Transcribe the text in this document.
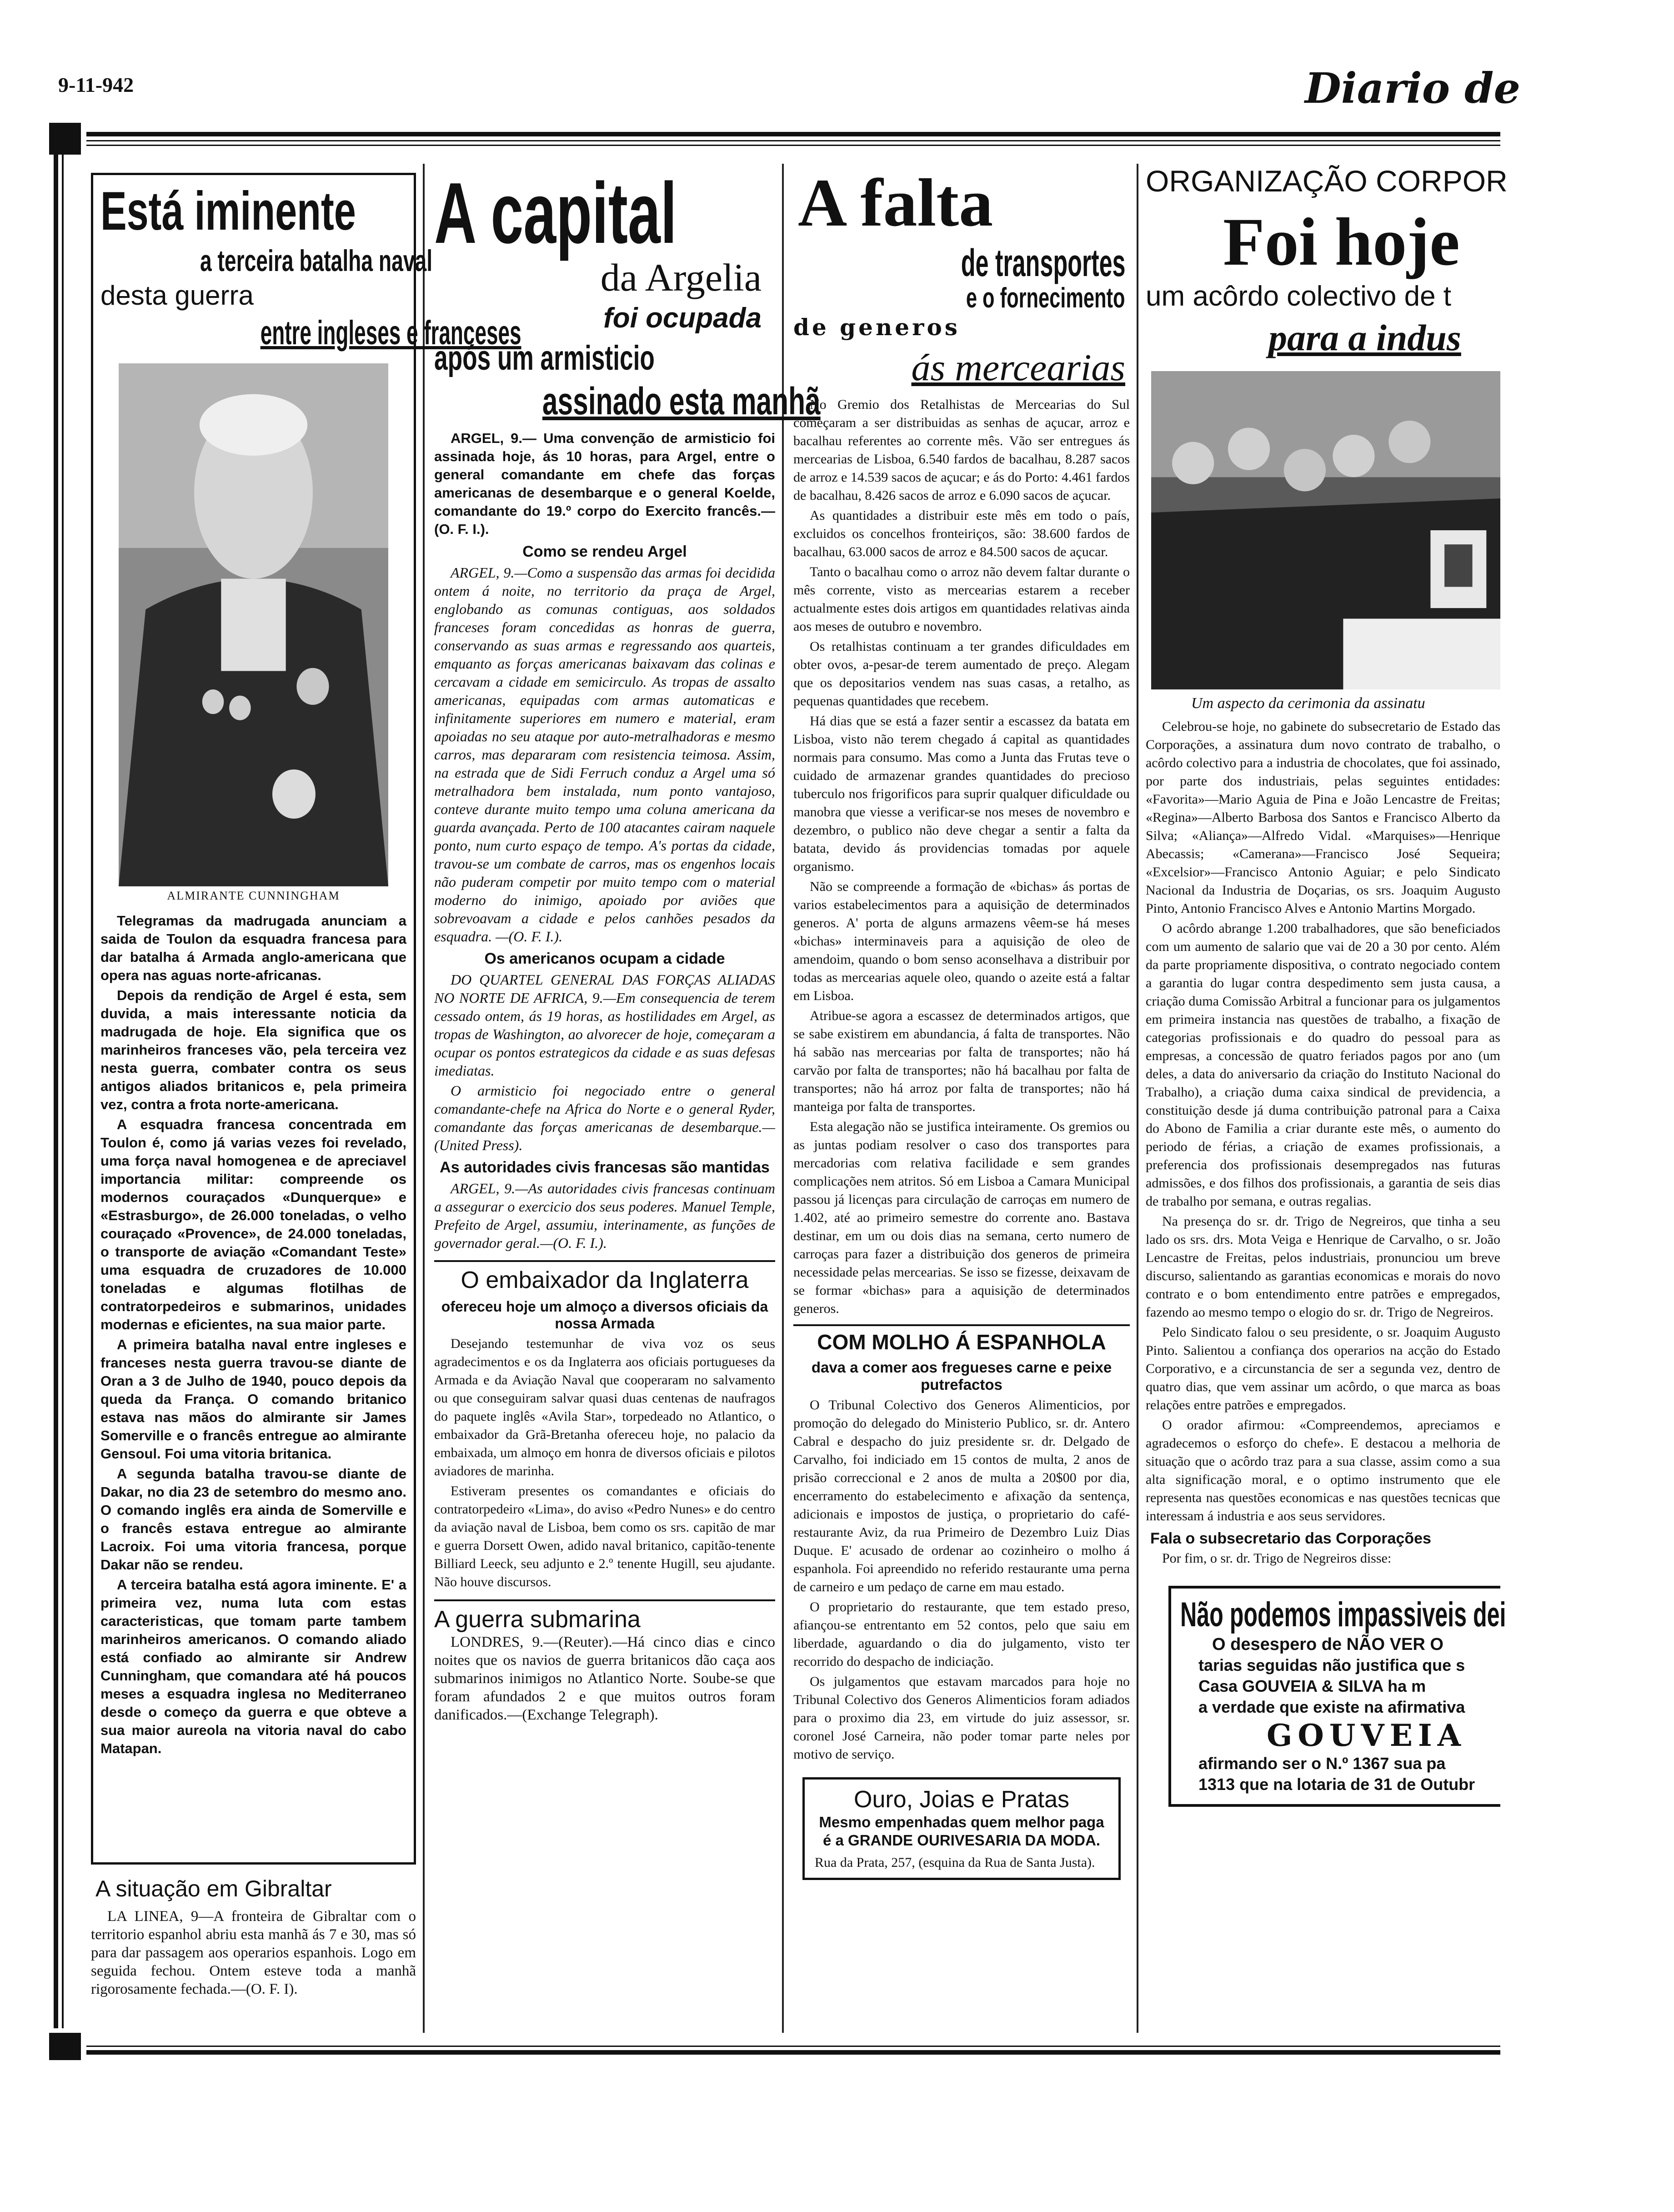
9-11-942	Diario de
Está iminente
a terceira batalha naval
desta guerra
entre ingleses e franceses
ALMIRANTE CUNNINGHAM

Telegramas da madrugada anunciam a saida de Toulon da esquadra francesa para dar batalha á Armada anglo-americana que opera nas aguas norte-africanas.

Depois da rendição de Argel é esta, sem duvida, a mais interessante noticia da madrugada de hoje. Ela significa que os marinheiros franceses vão, pela terceira vez nesta guerra, combater contra os seus antigos aliados britanicos e, pela primeira vez, contra a frota norte-americana.

A esquadra francesa concentrada em Toulon é, como já varias vezes foi revelado, uma força naval homogenea e de apreciavel importancia militar: compreende os modernos couraçados «Dunquerque» e «Estrasburgo», de 26.000 toneladas, o velho couraçado «Provence», de 24.000 toneladas, o transporte de aviação «Comandant Teste» uma esquadra de cruzadores de 10.000 toneladas e algumas flotilhas de contratorpedeiros e submarinos, unidades modernas e eficientes, na sua maior parte.

A primeira batalha naval entre ingleses e franceses nesta guerra travou-se diante de Oran a 3 de Julho de 1940, pouco depois da queda da França. O comando britanico estava nas mãos do almirante sir James Somerville e o francês entregue ao almirante Gensoul. Foi uma vitoria britanica.

A segunda batalha travou-se diante de Dakar, no dia 23 de setembro do mesmo ano. O comando inglês era ainda de Somerville e o francês estava entregue ao almirante Lacroix. Foi uma vitoria francesa, porque Dakar não se rendeu.

A terceira batalha está agora iminente. E' a primeira vez, numa luta com estas caracteristicas, que tomam parte tambem marinheiros americanos. O comando aliado está confiado ao almirante sir Andrew Cunningham, que comandara até há poucos meses a esquadra inglesa no Mediterraneo desde o começo da guerra e que obteve a sua maior aureola na vitoria naval do cabo Matapan.

A situação em Gibraltar

LA LINEA, 9—A fronteira de Gibraltar com o territorio espanhol abriu esta manhã ás 7 e 30, mas só para dar passagem aos operarios espanhois. Logo em seguida fechou. Ontem esteve toda a manhã rigorosamente fechada.—(O. F. I).

A capital
da Argelia
foi ocupada
após um armisticio
assinado esta manhã

ARGEL, 9.— Uma convenção de armisticio foi assinada hoje, ás 10 horas, para Argel, entre o general comandante em chefe das forças americanas de desembarque e o general Koelde, comandante do 19.º corpo do Exercito francês.—(O. F. I.).

Como se rendeu Argel

ARGEL, 9.—Como a suspensão das armas foi decidida ontem á noite, no territorio da praça de Argel, englobando as comunas contiguas, aos soldados franceses foram concedidas as honras de guerra, conservando as suas armas e regressando aos quarteis, emquanto as forças americanas baixavam das colinas e cercavam a cidade em semicirculo. As tropas de assalto americanas, equipadas com armas automaticas e infinitamente superiores em numero e material, eram apoiadas no seu ataque por auto-metralhadoras e mesmo carros, mas depararam com resistencia teimosa. Assim, na estrada que de Sidi Ferruch conduz a Argel uma só metralhadora bem instalada, num ponto vantajoso, conteve durante muito tempo uma coluna americana da guarda avançada. Perto de 100 atacantes cairam naquele ponto, num curto espaço de tempo. A's portas da cidade, travou-se um combate de carros, mas os engenhos locais não puderam competir por muito tempo com o material moderno do inimigo, apoiado por aviões que sobrevoavam a cidade e pelos canhões pesados da esquadra. —(O. F. I.).

Os americanos ocupam a cidade

DO QUARTEL GENERAL DAS FORÇAS ALIADAS NO NORTE DE AFRICA, 9.—Em consequencia de terem cessado ontem, ás 19 horas, as hostilidades em Argel, as tropas de Washington, ao alvorecer de hoje, começaram a ocupar os pontos estrategicos da cidade e as suas defesas imediatas.

O armisticio foi negociado entre o general comandante-chefe na Africa do Norte e o general Ryder, comandante das forças americanas de desembarque.—(United Press).

As autoridades civis francesas são mantidas

ARGEL, 9.—As autoridades civis francesas continuam a assegurar o exercicio dos seus poderes. Manuel Temple, Prefeito de Argel, assumiu, interinamente, as funções de governador geral.—(O. F. I.).

O embaixador da Inglaterra
ofereceu hoje um almoço a diversos oficiais da nossa Armada

Desejando testemunhar de viva voz os seus agradecimentos e os da Inglaterra aos oficiais portugueses da Armada e da Aviação Naval que cooperaram no salvamento ou que conseguiram salvar quasi duas centenas de naufragos do paquete inglês «Avila Star», torpedeado no Atlantico, o embaixador da Grã-Bretanha ofereceu hoje, no palacio da embaixada, um almoço em honra de diversos oficiais e pilotos aviadores de marinha.

Estiveram presentes os comandantes e oficiais do contratorpedeiro «Lima», do aviso «Pedro Nunes» e do centro da aviação naval de Lisboa, bem como os srs. capitão de mar e guerra Dorsett Owen, adido naval britanico, capitão-tenente Billiard Leeck, seu adjunto e 2.º tenente Hugill, seu ajudante. Não houve discursos.

A guerra submarina

LONDRES, 9.—(Reuter).—Há cinco dias e cinco noites que os navios de guerra britanicos dão caça aos submarinos inimigos no Atlantico Norte. Soube-se que foram afundados 2 e que muitos outros foram danificados.—(Exchange Telegraph).

A falta
de transportes
e o fornecimento
de generos
ás mercearias

No Gremio dos Retalhistas de Mercearias do Sul começaram a ser distribuidas as senhas de açucar, arroz e bacalhau referentes ao corrente mês. Vão ser entregues ás mercearias de Lisboa, 6.540 fardos de bacalhau, 8.287 sacos de arroz e 14.539 sacos de açucar; e ás do Porto: 4.461 fardos de bacalhau, 8.426 sacos de arroz e 6.090 sacos de açucar.

As quantidades a distribuir este mês em todo o país, excluidos os concelhos fronteiriços, são: 38.600 fardos de bacalhau, 63.000 sacos de arroz e 84.500 sacos de açucar.

Tanto o bacalhau como o arroz não devem faltar durante o mês corrente, visto as mercearias estarem a receber actualmente estes dois artigos em quantidades relativas ainda aos meses de outubro e novembro.

Os retalhistas continuam a ter grandes dificuldades em obter ovos, a-pesar-de terem aumentado de preço. Alegam que os depositarios vendem nas suas casas, a retalho, as pequenas quantidades que recebem.

Há dias que se está a fazer sentir a escassez da batata em Lisboa, visto não terem chegado á capital as quantidades normais para consumo. Mas como a Junta das Frutas teve o cuidado de armazenar grandes quantidades do precioso tuberculo nos frigorificos para suprir qualquer dificuldade ou manobra que viesse a verificar-se nos meses de novembro e dezembro, o publico não deve chegar a sentir a falta da batata, devido ás providencias tomadas por aquele organismo.

Não se compreende a formação de «bichas» ás portas de varios estabelecimentos para a aquisição de determinados generos. A' porta de alguns armazens vêem-se há meses «bichas» interminaveis para a aquisição de oleo de amendoim, quando o bom senso aconselhava a distribuir por todas as mercearias aquele oleo, quando o azeite está a faltar em Lisboa.

Atribue-se agora a escassez de determinados artigos, que se sabe existirem em abundancia, á falta de transportes. Não há sabão nas mercearias por falta de transportes; não há carvão por falta de transportes; não há bacalhau por falta de transportes; não há arroz por falta de transportes; não há manteiga por falta de transportes.

Esta alegação não se justifica inteiramente. Os gremios ou as juntas podiam resolver o caso dos transportes para mercadorias com relativa facilidade e sem grandes complicações nem atritos. Só em Lisboa a Camara Municipal passou já licenças para circulação de carroças em numero de 1.402, até ao primeiro semestre do corrente ano. Bastava destinar, em um ou dois dias na semana, certo numero de carroças para fazer a distribuição dos generos de primeira necessidade pelas mercearias. Se isso se fizesse, deixavam de se formar «bichas» para a aquisição de determinados generos.

COM MOLHO Á ESPANHOLA
dava a comer aos fregueses carne e peixe putrefactos

O Tribunal Colectivo dos Generos Alimenticios, por promoção do delegado do Ministerio Publico, sr. dr. Antero Cabral e despacho do juiz presidente sr. dr. Delgado de Carvalho, foi indiciado em 15 contos de multa, 2 anos de prisão correccional e 2 anos de multa a 20$00 por dia, encerramento do estabelecimento e afixação da sentença, adicionais e impostos de justiça, o proprietario do café-restaurante Aviz, da rua Primeiro de Dezembro Luiz Dias Duque. E' acusado de ordenar ao cozinheiro o molho á espanhola. Foi apreendido no referido restaurante uma perna de carneiro e um pedaço de carne em mau estado.

O proprietario do restaurante, que tem estado preso, afiançou-se entrentanto em 52 contos, pelo que saiu em liberdade, aguardando o dia do julgamento, visto ter recorrido do despacho de indiciação.

Os julgamentos que estavam marcados para hoje no Tribunal Colectivo dos Generos Alimenticios foram adiados para o proximo dia 23, em virtude do juiz assessor, sr. coronel José Carneira, não poder tomar parte neles por motivo de serviço.

Ouro, Joias e Pratas
Mesmo empenhadas quem melhor paga é a GRANDE OURIVESARIA DA MODA.
Rua da Prata, 257, (esquina da Rua de Santa Justa).
ORGANIZAÇÃO CORPOR
Foi hoje
um acôrdo colectivo de t
para a indus
Um aspecto da cerimonia da assinatu

Celebrou-se hoje, no gabinete do subsecretario de Estado das Corporações, a assinatura dum novo contrato de trabalho, o acôrdo colectivo para a industria de chocolates, que foi assinado, por parte dos industriais, pelas seguintes entidades: «Favorita»—Mario Aguia de Pina e João Lencastre de Freitas; «Regina»—Alberto Barbosa dos Santos e Francisco Alberto da Silva; «Aliança»—Alfredo Vidal. «Marquises»—Henrique Abecassis; «Camerana»—Francisco José Sequeira; «Excelsior»—Francisco Antonio Aguiar; e pelo Sindicato Nacional da Industria de Doçarias, os srs. Joaquim Augusto Pinto, Antonio Francisco Alves e Antonio Martins Morgado.

O acôrdo abrange 1.200 trabalhadores, que são beneficiados com um aumento de salario que vai de 20 a 30 por cento. Além da parte propriamente dispositiva, o contrato negociado contem a garantia do lugar contra despedimento sem justa causa, a criação duma Comissão Arbitral a funcionar para os julgamentos em primeira instancia nas questões de trabalho, a fixação de categorias profissionais e do quadro do pessoal para as empresas, a concessão de quatro feriados pagos por ano (um deles, a data do aniversario da criação do Instituto Nacional do Trabalho), a criação duma caixa sindical de previdencia, a constituição desde já duma contribuição patronal para a Caixa do Abono de Familia a criar durante este mês, o aumento do periodo de férias, a criação de exames profissionais, a preferencia dos profissionais desempregados nas futuras admissões, e dos filhos dos profissionais, a garantia de seis dias de trabalho por semana, e outras regalias.

Na presença do sr. dr. Trigo de Negreiros, que tinha a seu lado os srs. drs. Mota Veiga e Henrique de Carvalho, o sr. João Lencastre de Freitas, pelos industriais, pronunciou um breve discurso, salientando as garantias economicas e morais do novo contrato e o bom entendimento entre patrões e empregados, fazendo ao mesmo tempo o elogio do sr. dr. Trigo de Negreiros.

Pelo Sindicato falou o seu presidente, o sr. Joaquim Augusto Pinto. Salientou a confiança dos operarios na acção do Estado Corporativo, e a circunstancia de ser a segunda vez, dentro de quatro dias, que vem assinar um acôrdo, o que marca as boas relações entre patrões e empregados.

O orador afirmou: «Compreendemos, apreciamos e agradecemos o esforço do chefe». E destacou a melhoria de situação que o acôrdo traz para a sua classe, assim como a sua alta significação moral, e o optimo instrumento que ele representa nas questões economicas e nas questões tecnicas que interessam á industria e aos seus servidores.

Fala o subsecretario das Corporações

Por fim, o sr. dr. Trigo de Negreiros disse:

Não podemos impassiveis dei
O desespero de NÃO VER O
tarias seguidas não justifica que s
Casa GOUVEIA & SILVA ha m
a verdade que existe na afirmativa
GOUVEIA
afirmando ser o N.º 1367 sua pa
1313 que na lotaria de 31 de Outubr
